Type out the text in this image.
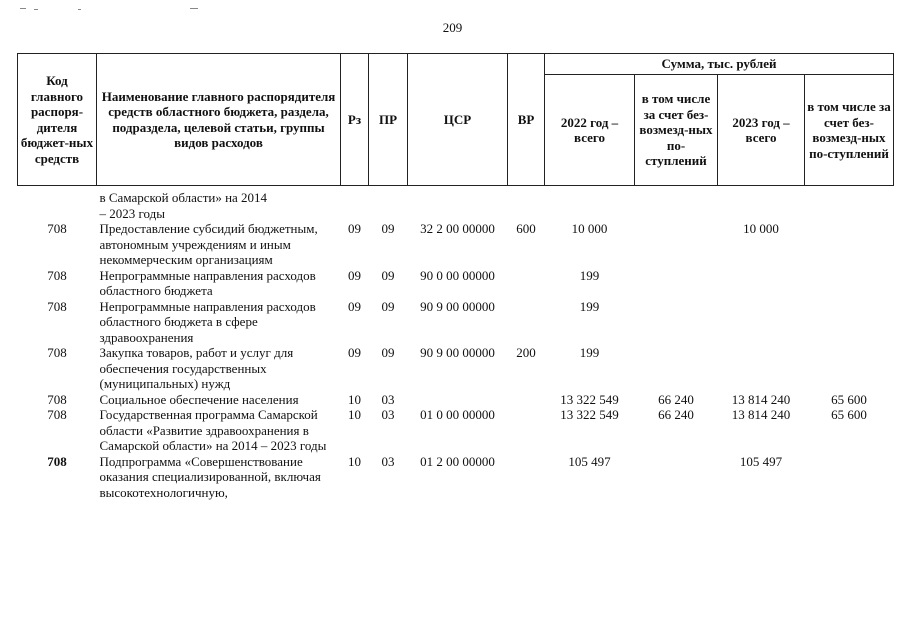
209
Код главного распоря-дителя бюджет-ных средств	Наименование главного распорядителя средств областного бюджета, раздела, подраздела, целевой статьи, группы видов расходов	Рз	ПР	ЦСР	ВР	Сумма, тыс. рублей			
						2022 год – всего	в том числе за счет без-возмезд-ных по-ступлений	2023 год – всего	в том числе за счет без-возмезд-ных по-ступлений
	в Самарской области» на 2014 – 2023 годы								
708	Предоставление субсидий бюджетным, автономным учреждениям и иным некоммерческим организациям	09	09	32 2 00 00000	600	10 000		10 000	
708	Непрограммные направления расходов областного бюджета	09	09	90 0 00 00000		199			
708	Непрограммные направления расходов областного бюджета в сфере здравоохранения	09	09	90 9 00 00000		199			
708	Закупка товаров, работ и услуг для обеспечения государственных (муниципальных) нужд	09	09	90 9 00 00000	200	199			
708	Социальное обеспечение населения	10	03			13 322 549	66 240	13 814 240	65 600
708	Государственная программа Самарской области «Развитие здравоохранения в Самарской области» на 2014 – 2023 годы	10	03	01 0 00 00000		13 322 549	66 240	13 814 240	65 600
708	Подпрограмма «Совершенствование оказания специализированной, включая высокотехнологичную,	10	03	01 2 00 00000		105 497		105 497	
